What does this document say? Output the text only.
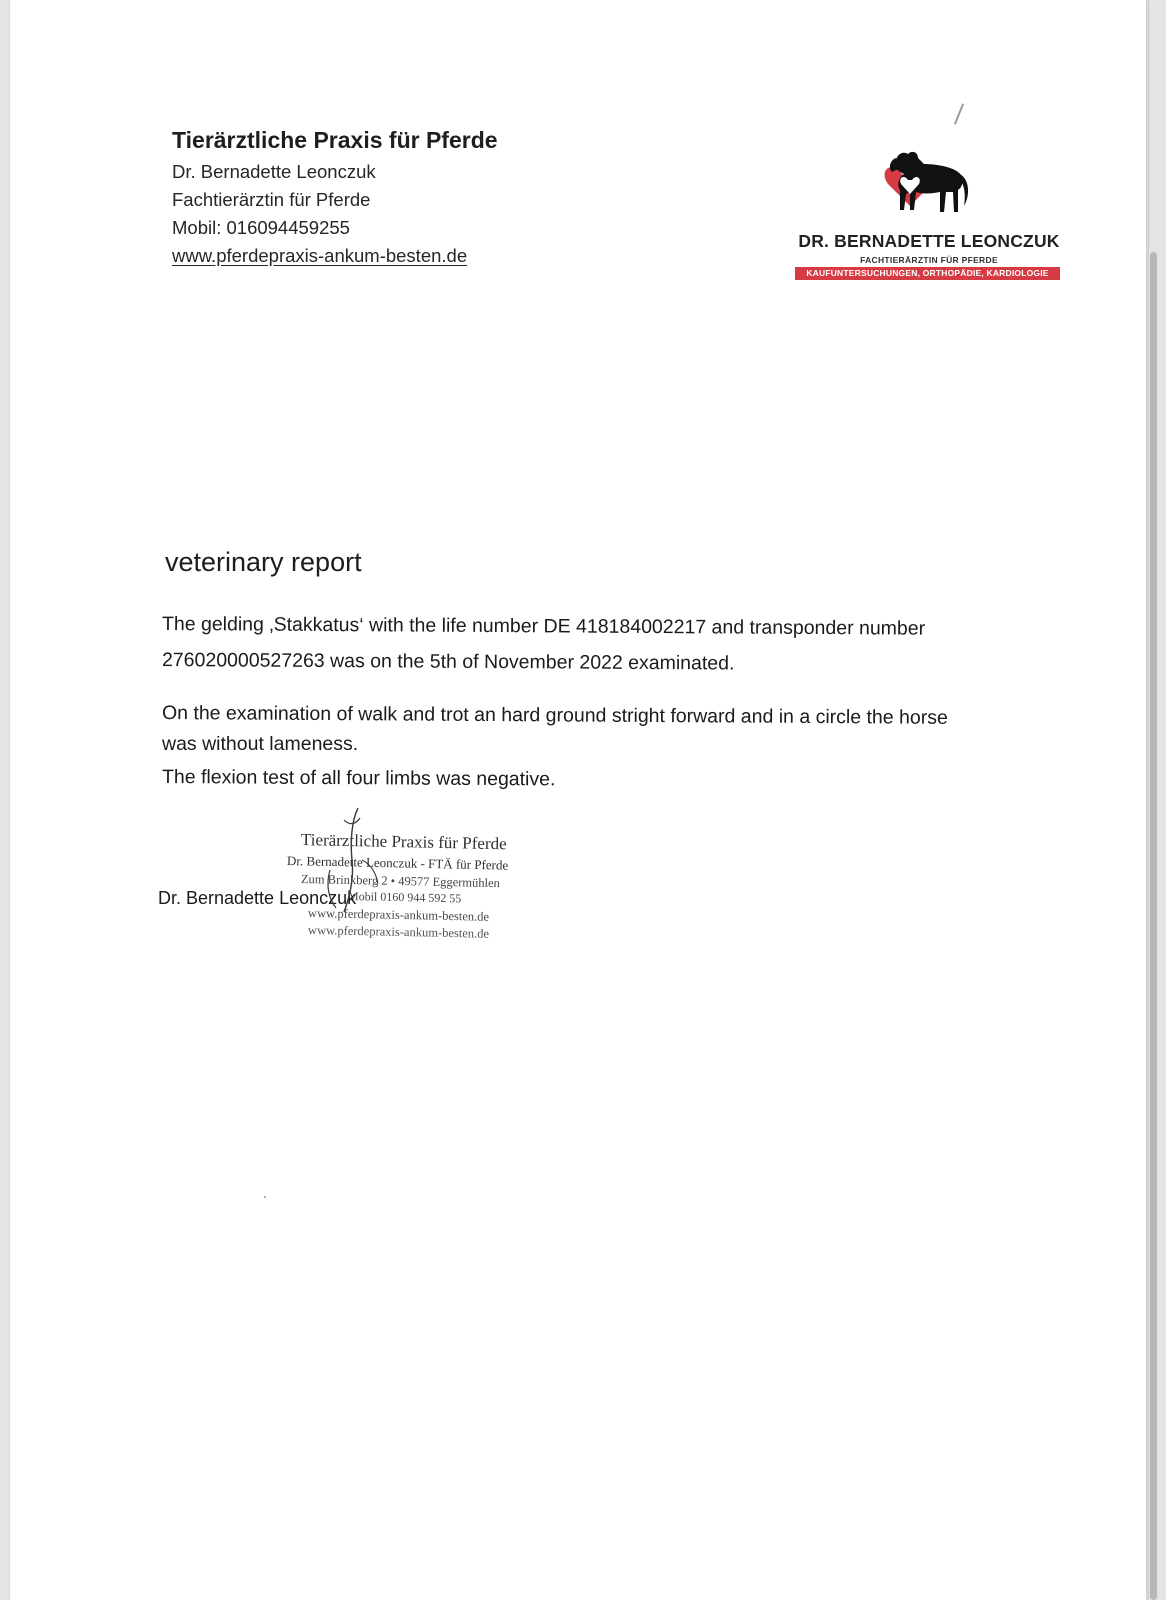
Tierärztliche Praxis für Pferde
Dr. Bernadette Leonczuk
Fachtierärztin für Pferde
Mobil: 016094459255
www.pferdepraxis-ankum-besten.de
DR. BERNADETTE LEONCZUK
FACHTIERÄRZTIN FÜR PFERDE
KAUFUNTERSUCHUNGEN, ORTHOPÄDIE, KARDIOLOGIE
veterinary report
The gelding ‚Stakkatus‘ with the life number DE 418184002217 and transponder number
276020000527263 was on the 5th of November 2022 examinated.
On the examination of walk and trot an hard ground stright forward and in a circle the horse
was without lameness.
The flexion test of all four limbs was negative.
Tierärztliche Praxis für Pferde
Dr. Bernadette Leonczuk - FTÄ für Pferde
Zum Brinkberg 2 • 49577 Eggermühlen
Mobil 0160 944 592 55
www.pferdepraxis-ankum-besten.de
www.pferdepraxis-ankum-besten.de
Dr. Bernadette Leonczuk
